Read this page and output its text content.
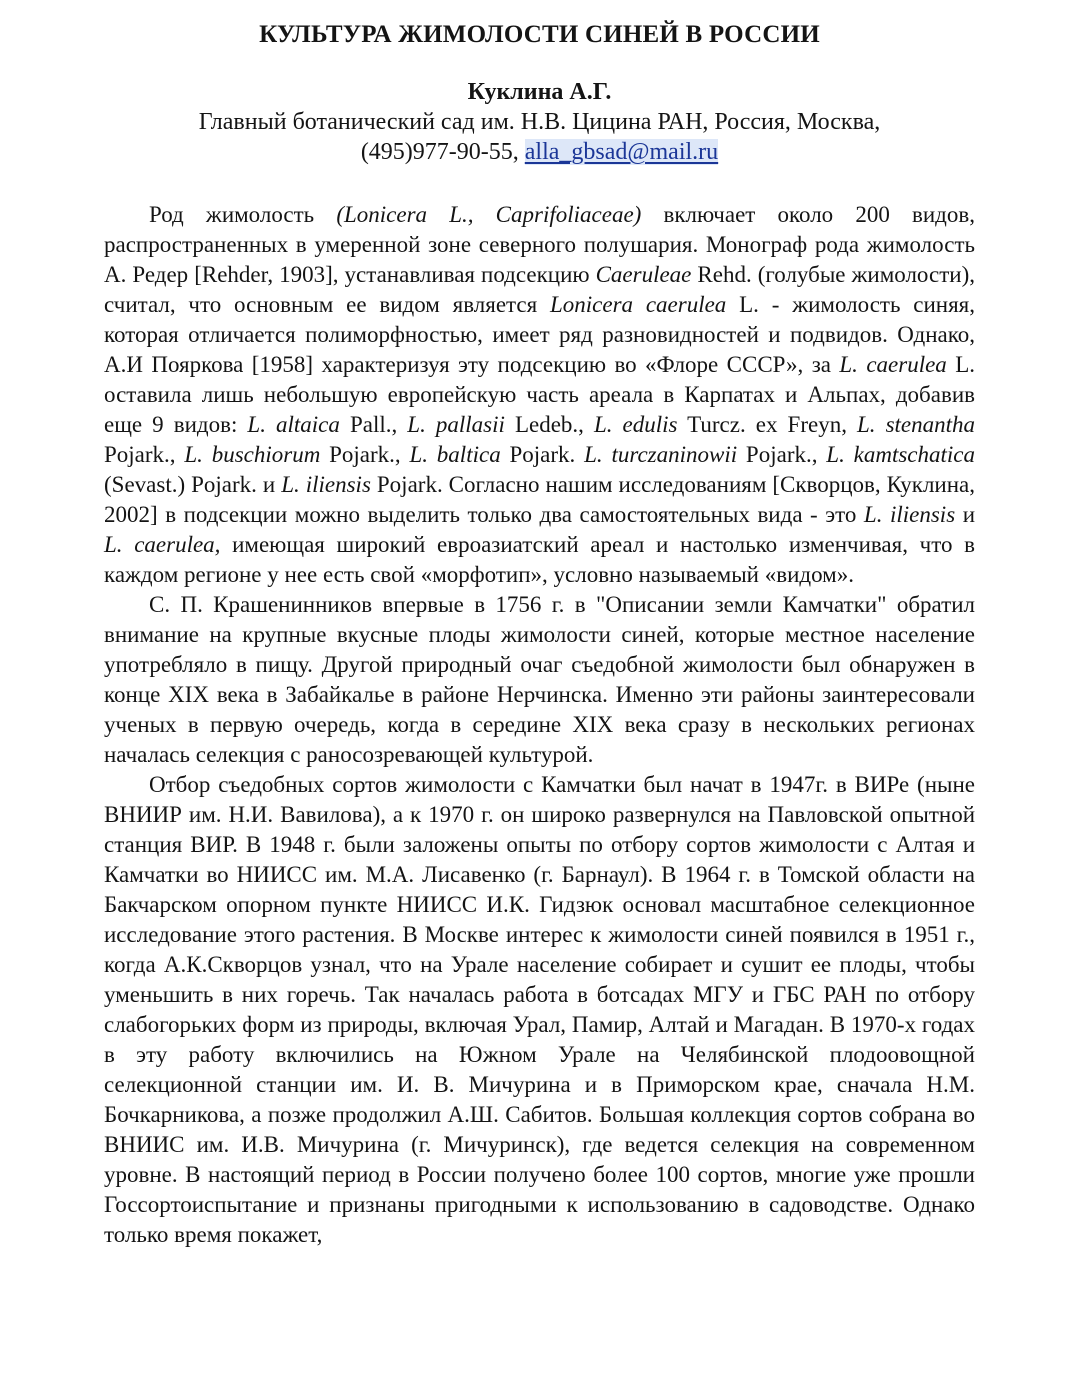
КУЛЬТУРА ЖИМОЛОСТИ СИНЕЙ В РОССИИ

Куклина А.Г.

Главный ботанический сад им. Н.В. Цицина РАН, Россия, Москва,

(495)977-90-55, alla_gbsad@mail.ru

Род жимолость (Lonicera L., Caprifoliaceae) включает около 200 видов, распространенных в умеренной зоне северного полушария. Монограф рода жимолость А. Редер [Rehder, 1903], устанавливая подсекцию Caeruleae Rehd. (голубые жимолости), считал, что основным ее видом является Lonicera caerulea L. - жимолость синяя, которая отличается полиморфностью, имеет ряд разновидностей и подвидов. Однако, А.И Пояркова [1958] характеризуя эту подсекцию во «Флоре СССР», за L. caerulea L. оставила лишь небольшую европейскую часть ареала в Карпатах и Альпах, добавив еще 9 видов: L. altaica Pall., L. pallasii Ledeb., L. edulis Turcz. ex Freyn, L. stenantha Pojark., L. buschiorum Pojark., L. baltica Pojark. L. turczaninowii Pojark., L. kamtschatica (Sevast.) Pojark. и L. iliensis Pojark. Согласно нашим исследованиям [Скворцов, Куклина, 2002] в подсекции можно выделить только два самостоятельных вида - это L. iliensis и L. caerulea, имеющая широкий евроазиатский ареал и настолько изменчивая, что в каждом регионе у нее есть свой «морфотип», условно называемый «видом».

С. П. Крашенинников впервые в 1756 г. в "Описании земли Камчатки" обратил внимание на крупные вкусные плоды жимолости синей, которые местное население употребляло в пищу. Другой природный очаг съедобной жимолости был обнаружен в конце XIX века в Забайкалье в районе Нерчинска. Именно эти районы заинтересовали ученых в первую очередь, когда в середине XIX века сразу в нескольких регионах началась селекция с раносозревающей культурой.

Отбор съедобных сортов жимолости с Камчатки был начат в 1947г. в ВИРе (ныне ВНИИР им. Н.И. Вавилова), а к 1970 г. он широко развернулся на Павловской опытной станция ВИР. В 1948 г. были заложены опыты по отбору сортов жимолости с Алтая и Камчатки во НИИСС им. М.А. Лисавенко (г. Барнаул). В 1964 г. в Томской области на Бакчарском опорном пункте НИИСС И.К. Гидзюк основал масштабное селекционное исследование этого растения. В Москве интерес к жимолости синей появился в 1951 г., когда А.К.Скворцов узнал, что на Урале население собирает и сушит ее плоды, чтобы уменьшить в них горечь. Так началась работа в ботсадах МГУ и ГБС РАН по отбору слабогорьких форм из природы, включая Урал, Памир, Алтай и Магадан. В 1970-х годах в эту работу включились на Южном Урале на Челябинской плодоовощной селекционной станции им. И. В. Мичурина и в Приморском крае, сначала Н.М. Бочкарникова, а позже продолжил А.Ш. Сабитов. Большая коллекция сортов собрана во ВНИИС им. И.В. Мичурина (г. Мичуринск), где ведется селекция на современном уровне. В настоящий период в России получено более 100 сортов, многие уже прошли Госсортоиспытание и признаны пригодными к использованию в садоводстве. Однако только время покажет,
